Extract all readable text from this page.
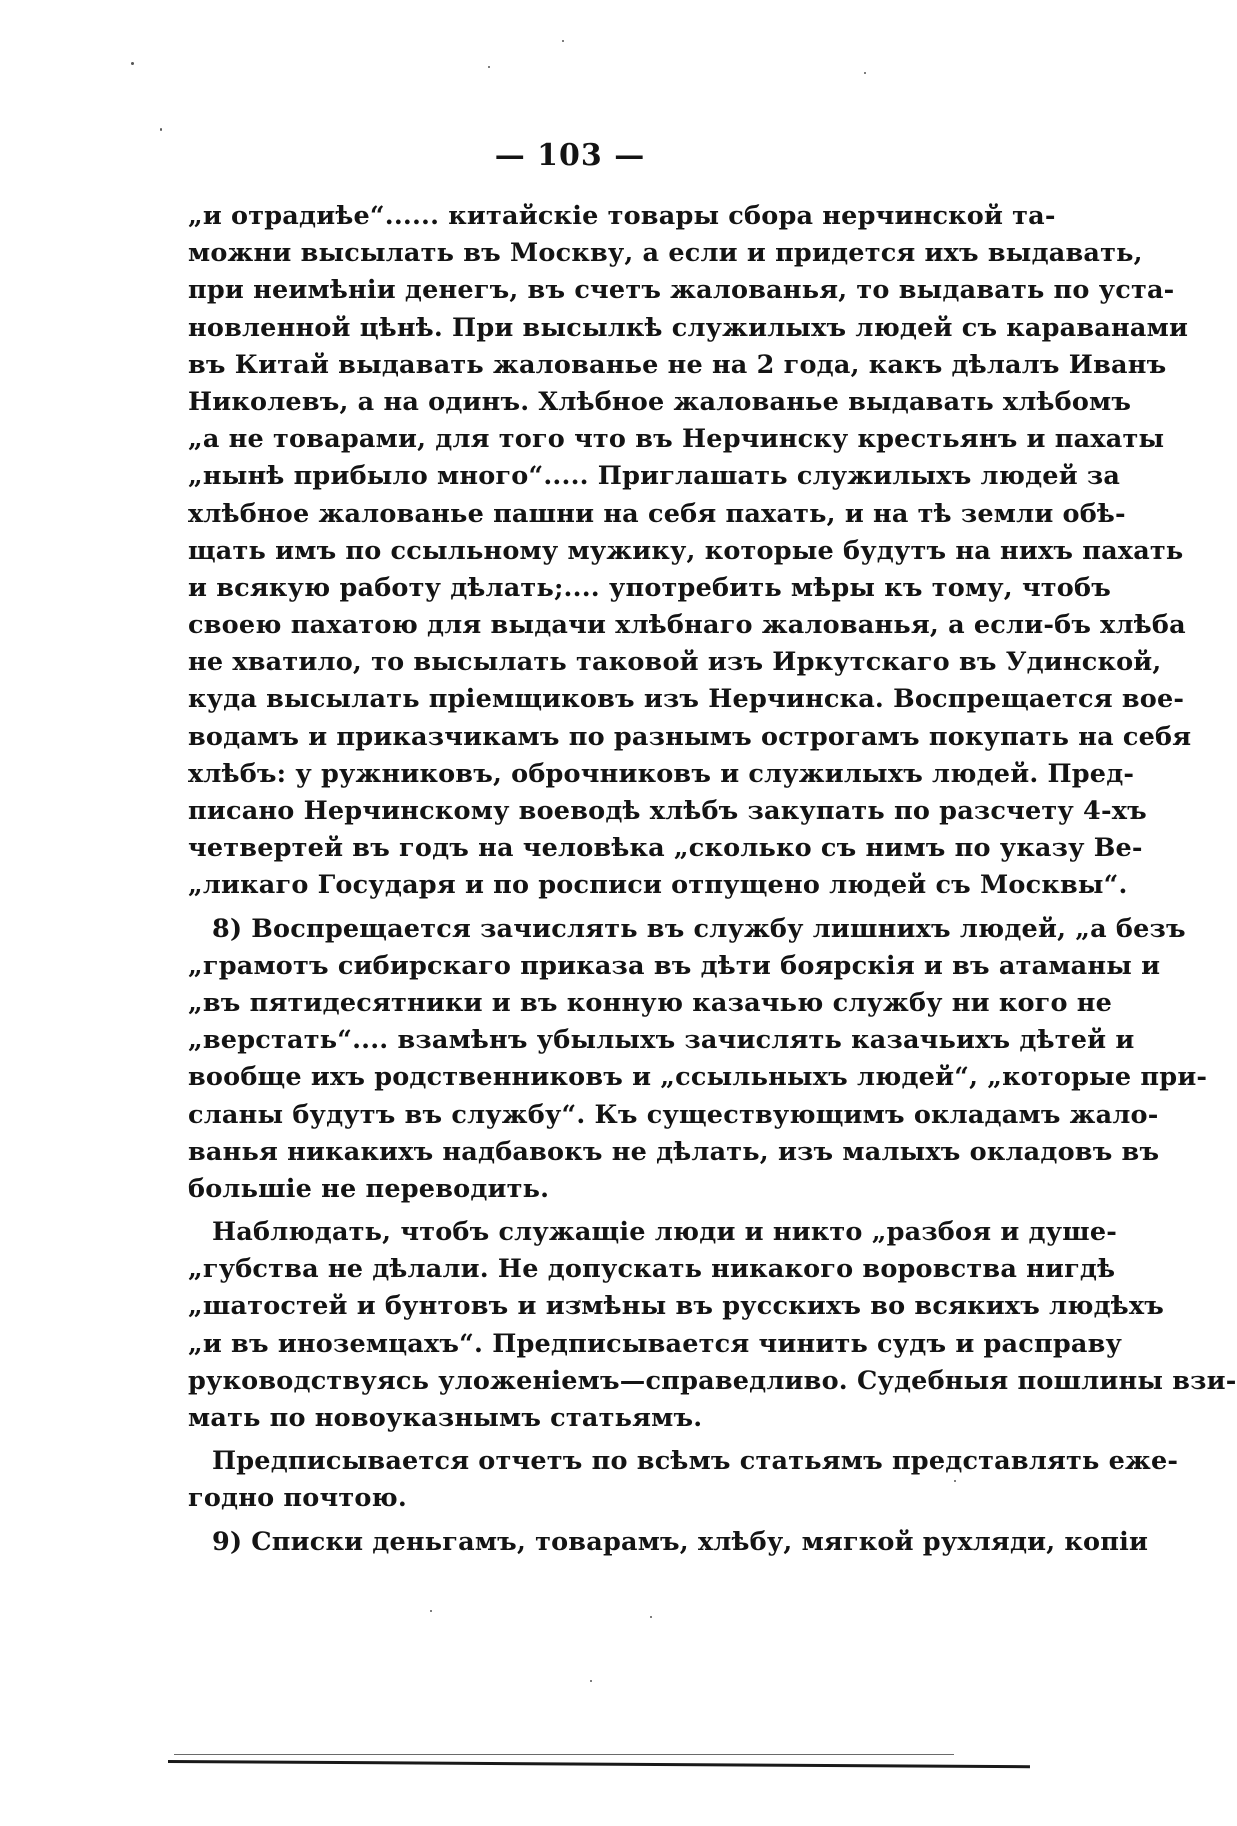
— 103 —
„и отрадиѣе“...... китайскіе товары сбора нерчинской та-
можни высылать въ Москву, а если и придется ихъ выдавать,
при неимѣніи денегъ, въ счетъ жалованья, то выдавать по уста-
новленной цѣнѣ. При высылкѣ служилыхъ людей съ караванами
въ Китай выдавать жалованье не на 2 года, какъ дѣлалъ Иванъ
Николевъ, а на одинъ. Хлѣбное жалованье выдавать хлѣбомъ
„а не товарами, для того что въ Нерчинску крестьянъ и пахаты
„нынѣ прибыло много“..... Приглашать служилыхъ людей за
хлѣбное жалованье пашни на себя пахать, и на тѣ земли обѣ-
щать имъ по ссыльному мужику, которые будутъ на нихъ пахать
и всякую работу дѣлать;.... употребить мѣры къ тому, чтобъ
своею пахатою для выдачи хлѣбнаго жалованья, а если-бъ хлѣба
не хватило, то высылать таковой изъ Иркутскаго въ Удинской,
куда высылать пріемщиковъ изъ Нерчинска. Воспрещается вое-
водамъ и приказчикамъ по разнымъ острогамъ покупать на себя
хлѣбъ: у ружниковъ, оброчниковъ и служилыхъ людей. Пред-
писано Нерчинскому воеводѣ хлѣбъ закупать по разсчету 4-хъ
четвертей въ годъ на человѣка „сколько съ нимъ по указу Ве-
„ликаго Государя и по росписи отпущено людей съ Москвы“.
8) Воспрещается зачислять въ службу лишнихъ людей, „а безъ
„грамотъ сибирскаго приказа въ дѣти боярскія и въ атаманы и
„въ пятидесятники и въ конную казачью службу ни кого не
„верстать“.... взамѣнъ убылыхъ зачислять казачьихъ дѣтей и
вообще ихъ родственниковъ и „ссыльныхъ людей“, „которые при-
сланы будутъ въ службу“. Къ существующимъ окладамъ жало-
ванья никакихъ надбавокъ не дѣлать, изъ малыхъ окладовъ въ
большіе не переводить.
Наблюдать, чтобъ служащіе люди и никто „разбоя и душе-
„губства не дѣлали. Не допускать никакого воровства нигдѣ
„шатостей и бунтовъ и измѣны въ русскихъ во всякихъ людѣхъ
„и въ иноземцахъ“. Предписывается чинить судъ и расправу
руководствуясь уложеніемъ—справедливо. Судебныя пошлины взи-
мать по новоуказнымъ статьямъ.
Предписывается отчетъ по всѣмъ статьямъ представлять еже-
годно почтою.
9) Списки деньгамъ, товарамъ, хлѣбу, мягкой рухляди, копіи
